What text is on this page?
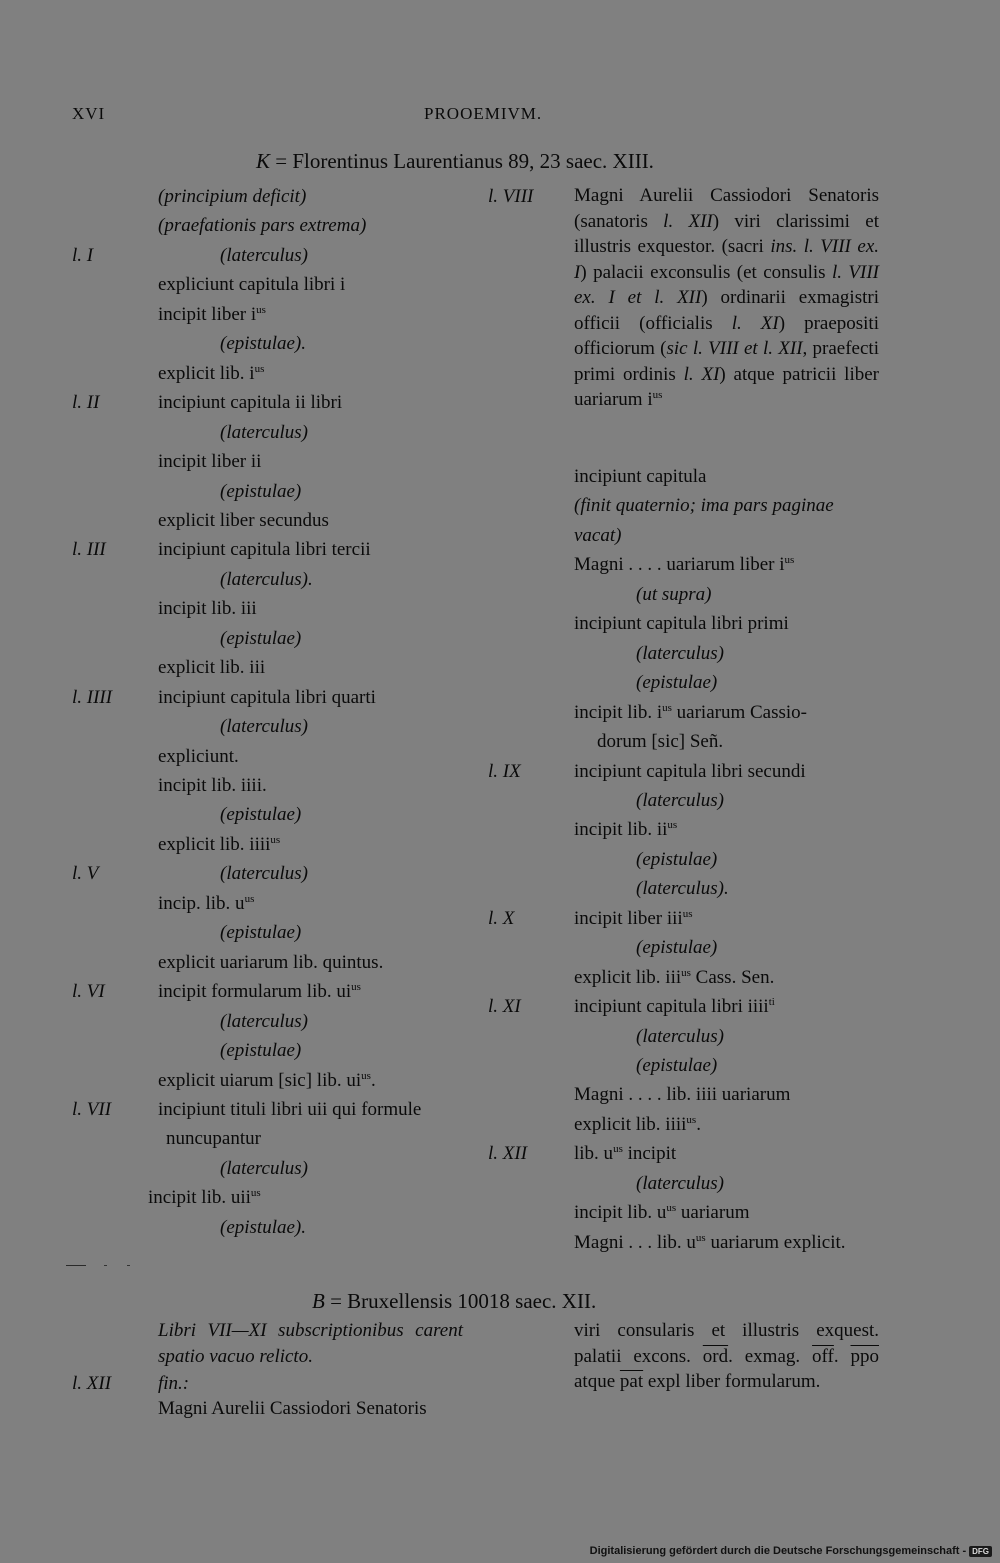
XVI	PROOEMIVM.
K = Florentinus Laurentianus 89, 23 saec. XIII.
(principium deficit)
(praefationis pars extrema)
l. I	(laterculus)
expliciunt capitula libri i
incipit liber $i^{us}$
(epistulae).
explicit lib. $i^{us}$
l. II	incipiunt capitula ii libri
(laterculus)
incipit liber ii
(epistulae)
explicit liber secundus
l. III	incipiunt capitula libri tercii
(laterculus).
incipit lib. iii
(epistulae)
explicit lib. iii
l. IIII incipiunt capitula libri quarti
(laterculus)
expliciunt.
incipit lib. iiii.
(epistulae)
explicit lib. iiii$^{us}$
l. V	(laterculus)
incip. lib. $u^{us}$
(epistulae)
explicit uariarum lib. quintus.
l. VI	incipit formularum lib. $ui^{us}$
(laterculus)
(epistulae)
explicit uiarum [sic] lib. $ui^{us}$.
l. VII incipiunt tituli libri uii qui formule
nuncupantur
(laterculus)
incipit lib. uii$^{us}$
(epistulae).
l. VIII Magni Aurelii Cassiodori Senatoris (sanatoris l. XII) viri clarissimi et illustris exquestor. (sacri ins. l. VIII ex. I) palacii exconsulis (et consulis l. VIII ex. I et l. XII) ordinarii exmagistri officii (officialis l. XI) praepositi officiorum (sic l. VIII et l. XII, praefecti primi ordinis l. XI) atque patricii liber uariarum $i^{us}$
incipiunt capitula
(finit quaternio; ima pars paginae
vacat)
Magni . . . . uariarum liber $i^{us}$
(ut supra)
incipiunt capitula libri primi
(laterculus)
(epistulae)
incipit lib. $i^{us}$ uariarum Cassio-
dorum [sic] Señ.
l. IX	incipiunt capitula libri secundi
(laterculus)
incipit lib. $ii^{us}$
(epistulae)
(laterculus).
l. X	incipit liber iii$^{us}$
(epistulae)
explicit lib. iii$^{us}$ Cass. Sen.
l. XI	incipiunt capitula libri iiii$^{ti}$
(laterculus)
(epistulae)
Magni . . . . lib. iiii uariarum
explicit lib. iiii$^{us}$.
l. XII lib. $u^{us}$ incipit
(laterculus)
incipit lib. $u^{us}$ uariarum
Magni . . . lib. $u^{us}$ uariarum explicit.
B = Bruxellensis 10018 saec. XII.
Libri VII—XI subscriptionibus carent spatio vacuo relicto.
l. XII fin.:
Magni Aurelii Cassiodori Senatoris
viri consularis et illustris exquest. palatii excons. $\overline{ord}$. exmag. $\overline{off}$. $\overline{ppo}$ atque $\overline{pat}$ expl liber formularum.
Digitalisierung gefördert durch die Deutsche Forschungsgemeinschaft - DFG
